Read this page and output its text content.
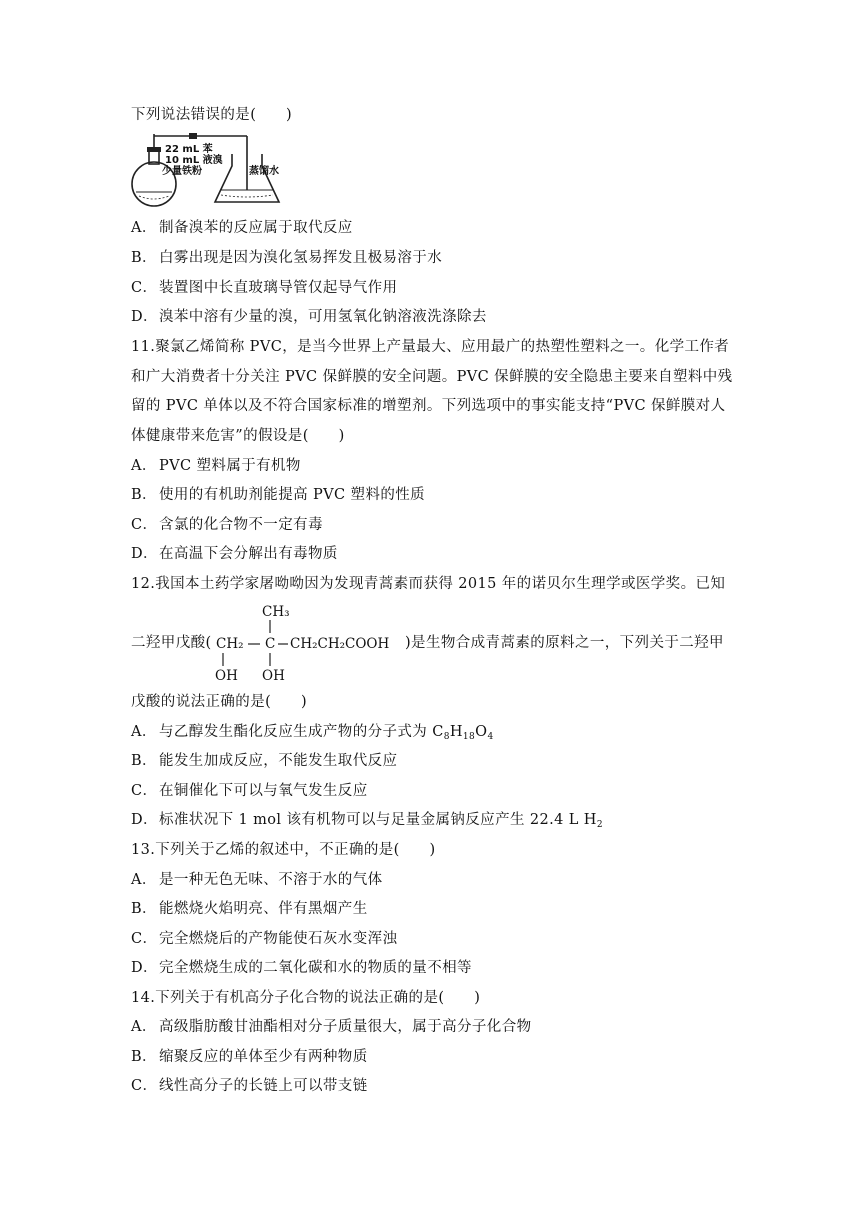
下列说法错误的是(　　)
22 mL 苯
10 mL 液溴
少量铁粉	蒸馏水
A． 制备溴苯的反应属于取代反应
B． 白雾出现是因为溴化氢易挥发且极易溶于水
C． 装置图中长直玻璃导管仅起导气作用
D．溴苯中溶有少量的溴，可用氢氧化钠溶液洗涤除去
11.聚氯乙烯简称 PVC，是当今世界上产量最大、应用最广的热塑性塑料之一。化学工作者
和广大消费者十分关注 PVC 保鲜膜的安全问题。PVC 保鲜膜的安全隐患主要来自塑料中残
留的 PVC 单体以及不符合国家标准的增塑剂。下列选项中的事实能支持“PVC 保鲜膜对人
体健康带来危害”的假设是(　　)
A． PVC 塑料属于有机物
B． 使用的有机助剂能提高 PVC 塑料的性质
C． 含氯的化合物不一定有毒
D．在高温下会分解出有毒物质
12.我国本土药学家屠呦呦因为发现青蒿素而获得 2015 年的诺贝尔生理学或医学奖。已知
二羟甲戊酸(
CH₃
CH₂ C CH₂CH₂COOH
OH OH
)是生物合成青蒿素的原料之一，下列关于二羟甲
戊酸的说法正确的是(　　)
A． 与乙醇发生酯化反应生成产物的分子式为 $C_8H_{18}O_4$
B． 能发生加成反应，不能发生取代反应
C． 在铜催化下可以与氧气发生反应
D．标准状况下 1 mol 该有机物可以与足量金属钠反应产生 22.4 L $H_2$
13.下列关于乙烯的叙述中，不正确的是(　　)
A． 是一种无色无味、不溶于水的气体
B． 能燃烧火焰明亮、伴有黑烟产生
C． 完全燃烧后的产物能使石灰水变浑浊
D．完全燃烧生成的二氧化碳和水的物质的量不相等
14.下列关于有机高分子化合物的说法正确的是(　　)
A． 高级脂肪酸甘油酯相对分子质量很大，属于高分子化合物
B． 缩聚反应的单体至少有两种物质
C． 线性高分子的长链上可以带支链
